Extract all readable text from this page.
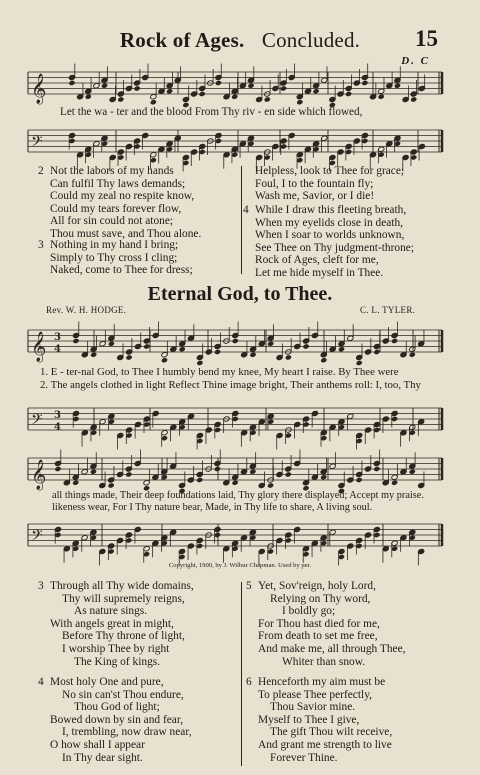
Rock of Ages. Concluded.	15
D. C
𝄞
Let the wa - ter and the blood From Thy riv - en side which flowed,
𝄢
2 Not the labors of my hands
Can fulfil Thy laws demands;
Could my zeal no respite know,
Could my tears forever flow,
All for sin could not atone;
Thou must save, and Thou alone.
3 Nothing in my hand I bring;
Simply to Thy cross I cling;
Naked, come to Thee for dress;
Helpless, look to Thee for grace;
Foul, I to the fountain fly;
Wash me, Savior, or I die!
4 While I draw this fleeting breath,
When my eyelids close in death,
When I soar to worlds unknown,
See Thee on Thy judgment-throne;
Rock of Ages, cleft for me,
Let me hide myself in Thee.
Eternal God, to Thee.
Rev. W. H. HODGE.	C. L. TYLER.
𝄞 3
4
1. E - ter-nal God, to Thee I humbly bend my knee, My heart I raise. By Thee were
2. The angels clothed in light Reflect Thine image bright, Their anthems roll: I, too, Thy
𝄢 3
4
𝄞
all things made, Their deep foundations laid, Thy glory there displayed; Accept my praise.
likeness wear, For I Thy nature bear, Made, in Thy life to share, A living soul.
𝄢
Copyright, 1900, by J. Wilbur Chapman. Used by per.
3 Through all Thy wide domains,
Thy will supremely reigns,
As nature sings.
With angels great in might,
Before Thy throne of light,
I worship Thee by right
The King of kings.
4 Most holy One and pure,
No sin can'st Thou endure,
Thou God of light;
Bowed down by sin and fear,
I, trembling, now draw near,
O how shall I appear
In Thy dear sight.
5 Yet, Sov'reign, holy Lord,
Relying on Thy word,
I boldly go;
For Thou hast died for me,
From death to set me free,
And make me, all through Thee,
Whiter than snow.
6 Henceforth my aim must be
To please Thee perfectly,
Thou Savior mine.
Myself to Thee I give,
The gift Thou wilt receive,
And grant me strength to live
Forever Thine.
